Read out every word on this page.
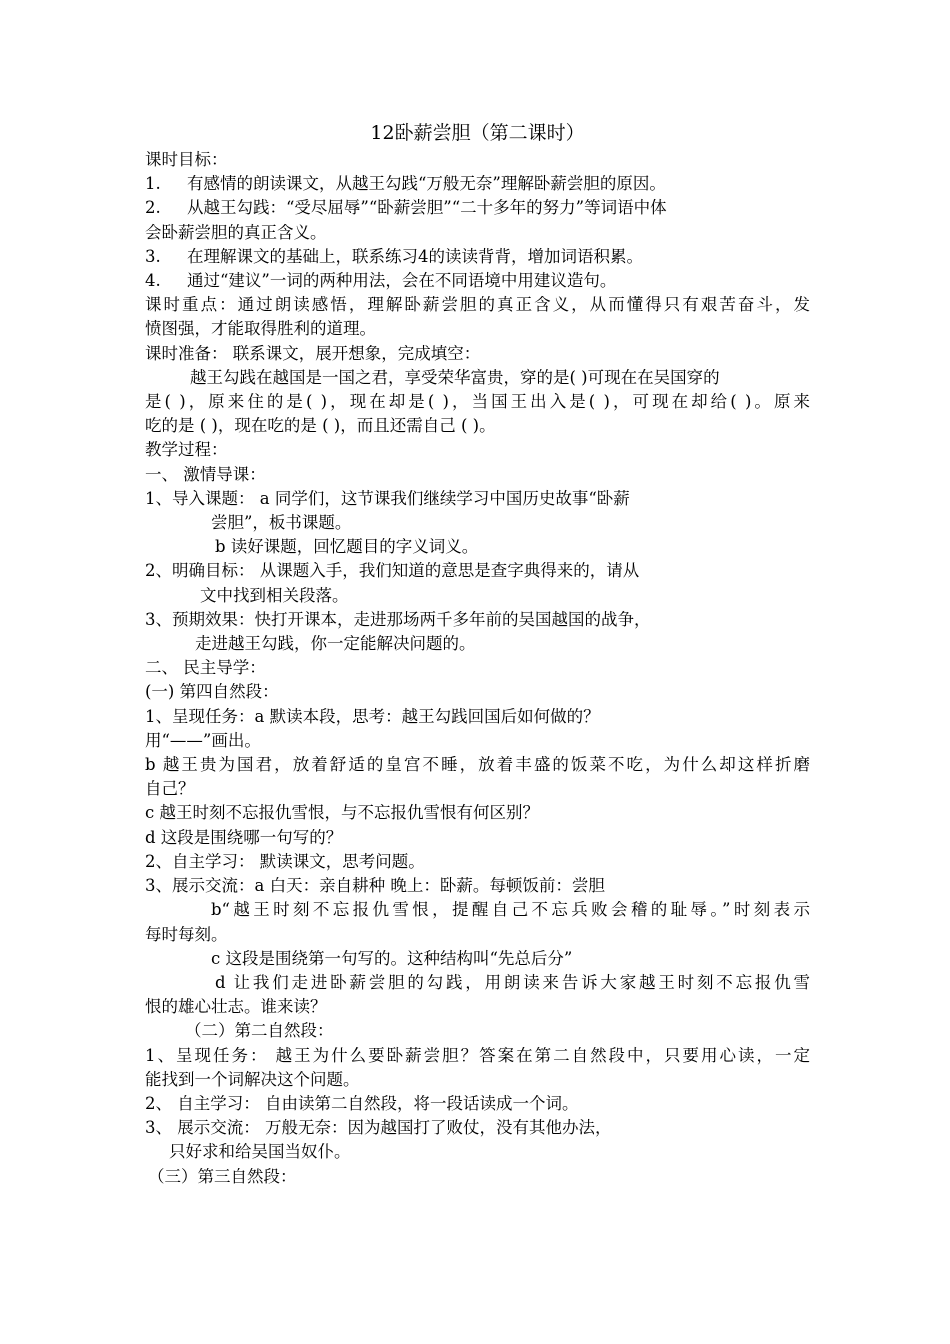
12卧薪尝胆（第二课时）
课时目标：
1. 有感情的朗读课文，从越王勾践“万般无奈”理解卧薪尝胆的原因。
2. 从越王勾践：“受尽屈辱”“卧薪尝胆”“二十多年的努力”等词语中体
会卧薪尝胆的真正含义。
3. 在理解课文的基础上，联系练习4的读读背背，增加词语积累。
4. 通过“建议”一词的两种用法，会在不同语境中用建议造句。
课时重点：通过朗读感悟，理解卧薪尝胆的真正含义，从而懂得只有艰苦奋斗，发
愤图强，才能取得胜利的道理。
课时准备： 联系课文，展开想象，完成填空：
越王勾践在越国是一国之君，享受荣华富贵，穿的是( )可现在在吴国穿的
是( )，原来住的是( )，现在却是( )，当国王出入是( )，可现在却给( )。原来
吃的是 ( )，现在吃的是 ( )，而且还需自己 ( )。
教学过程：
一、 激情导课：
1、导入课题： a 同学们，这节课我们继续学习中国历史故事“卧薪
尝胆”，板书课题。
b 读好课题，回忆题目的字义词义。
2、明确目标： 从课题入手，我们知道的意思是查字典得来的，请从
文中找到相关段落。
3、预期效果：快打开课本，走进那场两千多年前的吴国越国的战争，
走进越王勾践，你一定能解决问题的。
二、 民主导学：
(一) 第四自然段：
1、呈现任务：a 默读本段，思考：越王勾践回国后如何做的？
用“——”画出。
b 越王贵为国君，放着舒适的皇宫不睡，放着丰盛的饭菜不吃，为什么却这样折磨
自己？
c 越王时刻不忘报仇雪恨，与不忘报仇雪恨有何区别？
d 这段是围绕哪一句写的？
2、自主学习： 默读课文，思考问题。
3、展示交流：a 白天：亲自耕种 晚上：卧薪。每顿饭前：尝胆
b“越王时刻不忘报仇雪恨，提醒自己不忘兵败会稽的耻辱。”时刻表示
每时每刻。
c 这段是围绕第一句写的。这种结构叫“先总后分”
d 让我们走进卧薪尝胆的勾践，用朗读来告诉大家越王时刻不忘报仇雪
恨的雄心壮志。谁来读？
（二）第二自然段：
1、呈现任务： 越王为什么要卧薪尝胆？答案在第二自然段中，只要用心读，一定
能找到一个词解决这个问题。
2、 自主学习： 自由读第二自然段，将一段话读成一个词。
3、 展示交流： 万般无奈：因为越国打了败仗，没有其他办法，
只好求和给吴国当奴仆。
（三）第三自然段：
